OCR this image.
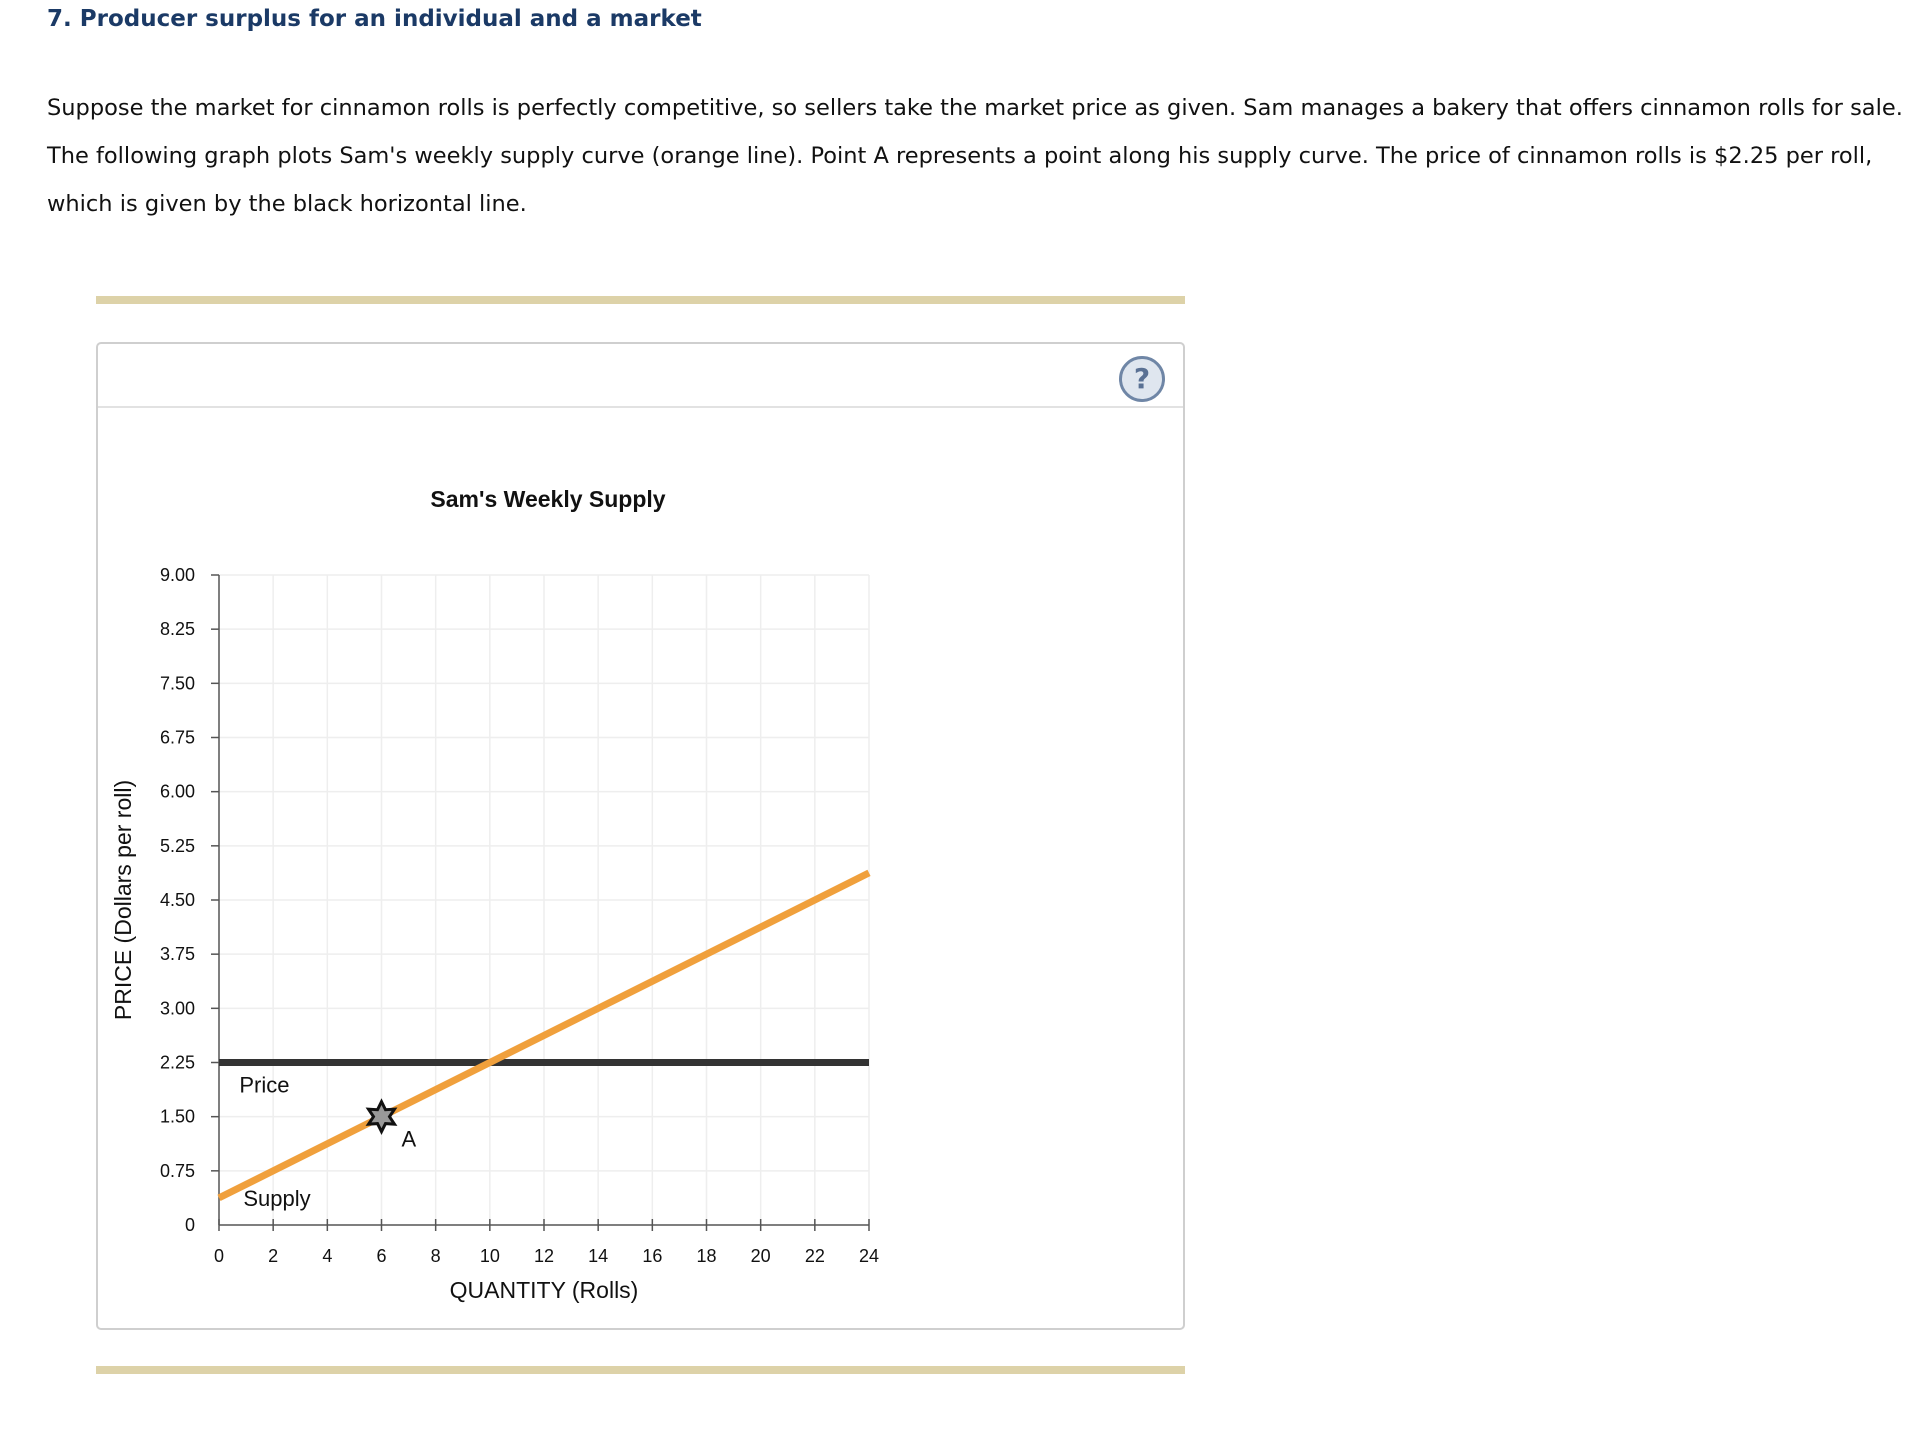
7. Producer surplus for an individual and a market

Suppose the market for cinnamon rolls is perfectly competitive, so sellers take the market price as given. Sam manages a bakery that offers cinnamon rolls for sale. The following graph plots Sam's weekly supply curve (orange line). Point A represents a point along his supply curve. The price of cinnamon rolls is $2.25 per roll, which is given by the black horizontal line.

?
Sam's Weekly Supply
0
0.75
1.50
2.25
3.00
3.75
4.50
5.25
6.00
6.75
7.50
8.25
9.00
0 2 4 6 8 10 12 14 16 18 20 22 24
Price
Supply
A
QUANTITY (Rolls)
PRICE (Dollars per roll)
